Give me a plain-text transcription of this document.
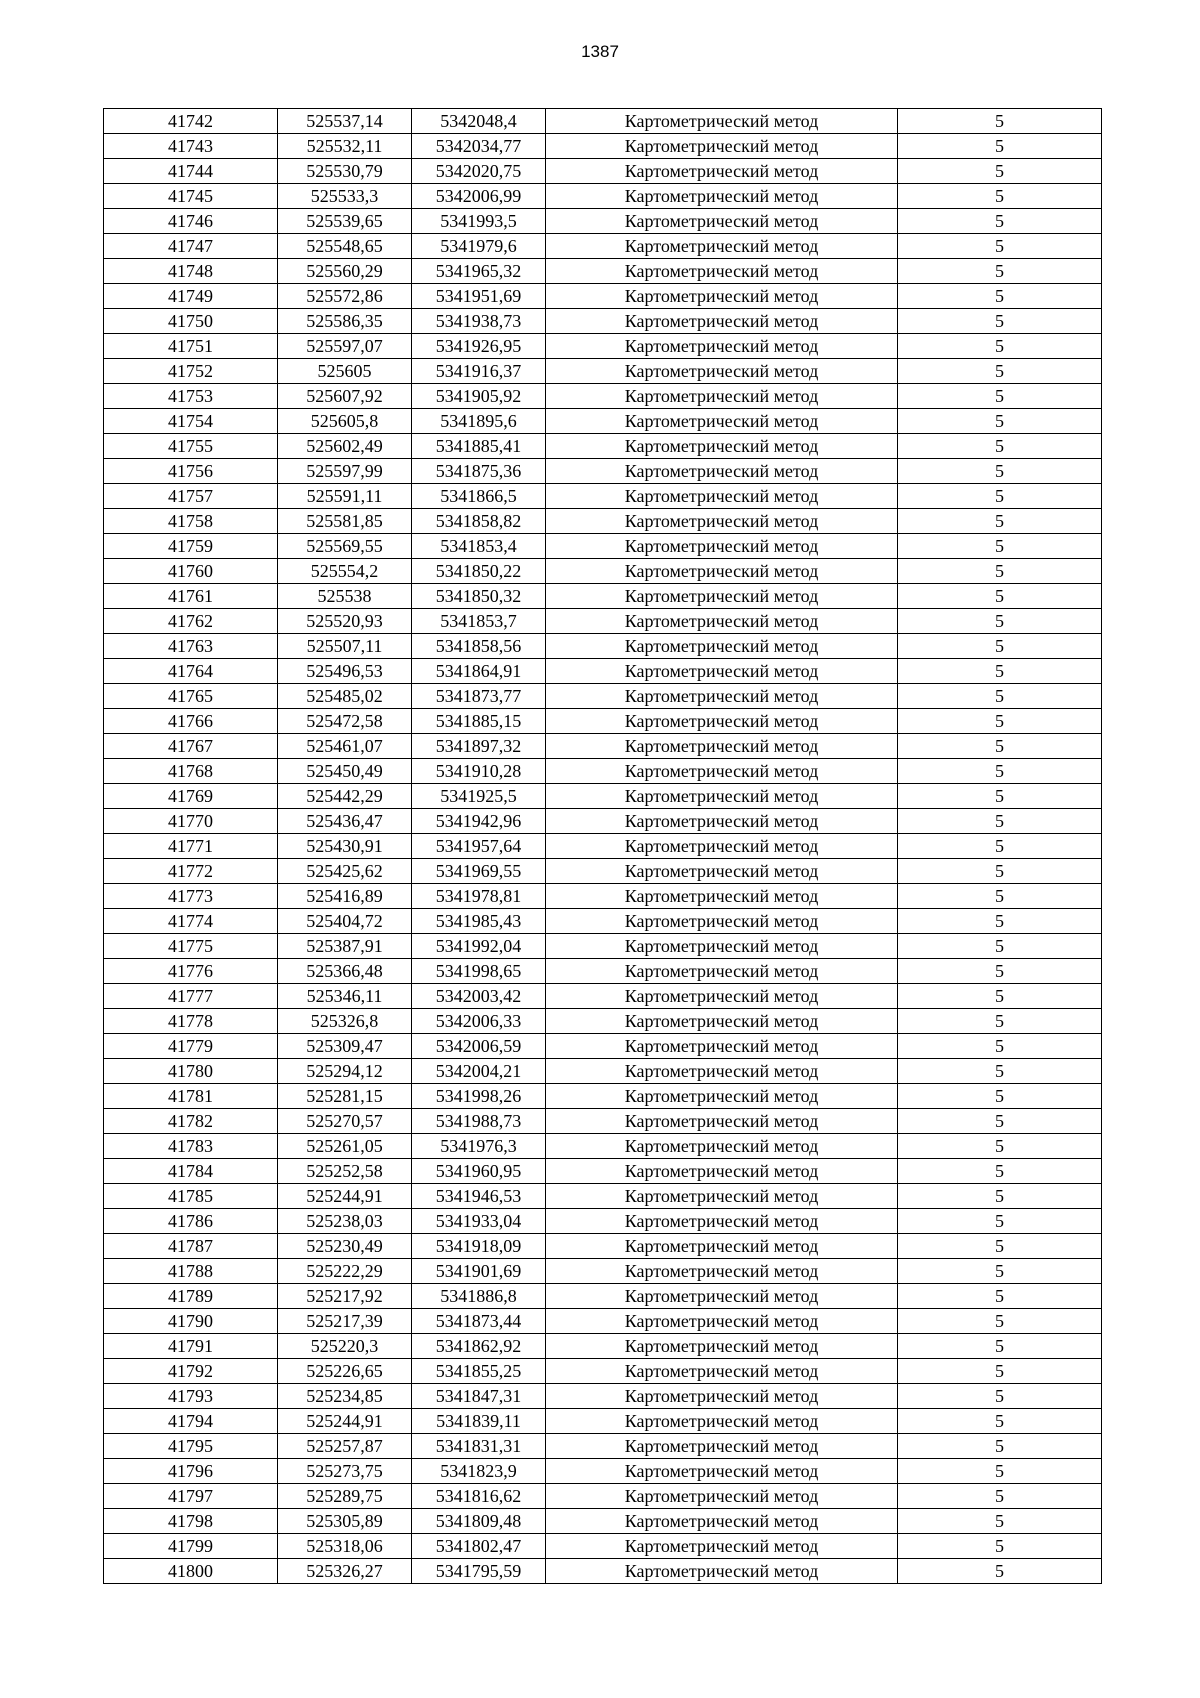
1387
41742	525537,14	5342048,4	Картометрический метод	5
41743	525532,11	5342034,77	Картометрический метод	5
41744	525530,79	5342020,75	Картометрический метод	5
41745	525533,3	5342006,99	Картометрический метод	5
41746	525539,65	5341993,5	Картометрический метод	5
41747	525548,65	5341979,6	Картометрический метод	5
41748	525560,29	5341965,32	Картометрический метод	5
41749	525572,86	5341951,69	Картометрический метод	5
41750	525586,35	5341938,73	Картометрический метод	5
41751	525597,07	5341926,95	Картометрический метод	5
41752	525605	5341916,37	Картометрический метод	5
41753	525607,92	5341905,92	Картометрический метод	5
41754	525605,8	5341895,6	Картометрический метод	5
41755	525602,49	5341885,41	Картометрический метод	5
41756	525597,99	5341875,36	Картометрический метод	5
41757	525591,11	5341866,5	Картометрический метод	5
41758	525581,85	5341858,82	Картометрический метод	5
41759	525569,55	5341853,4	Картометрический метод	5
41760	525554,2	5341850,22	Картометрический метод	5
41761	525538	5341850,32	Картометрический метод	5
41762	525520,93	5341853,7	Картометрический метод	5
41763	525507,11	5341858,56	Картометрический метод	5
41764	525496,53	5341864,91	Картометрический метод	5
41765	525485,02	5341873,77	Картометрический метод	5
41766	525472,58	5341885,15	Картометрический метод	5
41767	525461,07	5341897,32	Картометрический метод	5
41768	525450,49	5341910,28	Картометрический метод	5
41769	525442,29	5341925,5	Картометрический метод	5
41770	525436,47	5341942,96	Картометрический метод	5
41771	525430,91	5341957,64	Картометрический метод	5
41772	525425,62	5341969,55	Картометрический метод	5
41773	525416,89	5341978,81	Картометрический метод	5
41774	525404,72	5341985,43	Картометрический метод	5
41775	525387,91	5341992,04	Картометрический метод	5
41776	525366,48	5341998,65	Картометрический метод	5
41777	525346,11	5342003,42	Картометрический метод	5
41778	525326,8	5342006,33	Картометрический метод	5
41779	525309,47	5342006,59	Картометрический метод	5
41780	525294,12	5342004,21	Картометрический метод	5
41781	525281,15	5341998,26	Картометрический метод	5
41782	525270,57	5341988,73	Картометрический метод	5
41783	525261,05	5341976,3	Картометрический метод	5
41784	525252,58	5341960,95	Картометрический метод	5
41785	525244,91	5341946,53	Картометрический метод	5
41786	525238,03	5341933,04	Картометрический метод	5
41787	525230,49	5341918,09	Картометрический метод	5
41788	525222,29	5341901,69	Картометрический метод	5
41789	525217,92	5341886,8	Картометрический метод	5
41790	525217,39	5341873,44	Картометрический метод	5
41791	525220,3	5341862,92	Картометрический метод	5
41792	525226,65	5341855,25	Картометрический метод	5
41793	525234,85	5341847,31	Картометрический метод	5
41794	525244,91	5341839,11	Картометрический метод	5
41795	525257,87	5341831,31	Картометрический метод	5
41796	525273,75	5341823,9	Картометрический метод	5
41797	525289,75	5341816,62	Картометрический метод	5
41798	525305,89	5341809,48	Картометрический метод	5
41799	525318,06	5341802,47	Картометрический метод	5
41800	525326,27	5341795,59	Картометрический метод	5
